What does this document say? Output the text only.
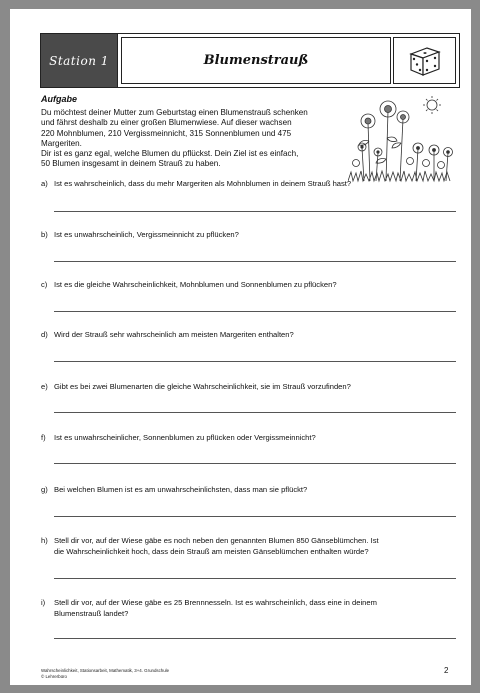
Station 1	Blumenstrauß
Aufgabe
Du möchtest deiner Mutter zum Geburtstag einen Blumenstrauß schenken
und fährst deshalb zu einer großen Blumenwiese. Auf dieser wachsen
220 Mohnblumen, 210 Vergissmeinnicht, 315 Sonnenblumen und 475
Margeriten.
Dir ist es ganz egal, welche Blumen du pflückst. Dein Ziel ist es einfach,
50 Blumen insgesamt in deinem Strauß zu haben.
a) Ist es wahrscheinlich, dass du mehr Margeriten als Mohnblumen in deinem Strauß hast?
b) Ist es unwahrscheinlich, Vergissmeinnicht zu pflücken?
c) Ist es die gleiche Wahrscheinlichkeit, Mohnblumen und Sonnenblumen zu pflücken?
d) Wird der Strauß sehr wahrscheinlich am meisten Margeriten enthalten?
e) Gibt es bei zwei Blumenarten die gleiche Wahrscheinlichkeit, sie im Strauß vorzufinden?
f) Ist es unwahrscheinlicher, Sonnenblumen zu pflücken oder Vergissmeinnicht?
g) Bei welchen Blumen ist es am unwahrscheinlichsten, dass man sie pflückt?
h) Stell dir vor, auf der Wiese gäbe es noch neben den genannten Blumen 850 Gänseblümchen. Ist
die Wahrscheinlichkeit hoch, dass dein Strauß am meisten Gänseblümchen enthalten würde?
i) Stell dir vor, auf der Wiese gäbe es 25 Brennnesseln. Ist es wahrscheinlich, dass eine in deinem
Blumenstrauß landet?
Wahrscheinlichkeit, Stationsarbeit, Mathematik, 3+4. Grundschule
© Lehrerbüro
2
